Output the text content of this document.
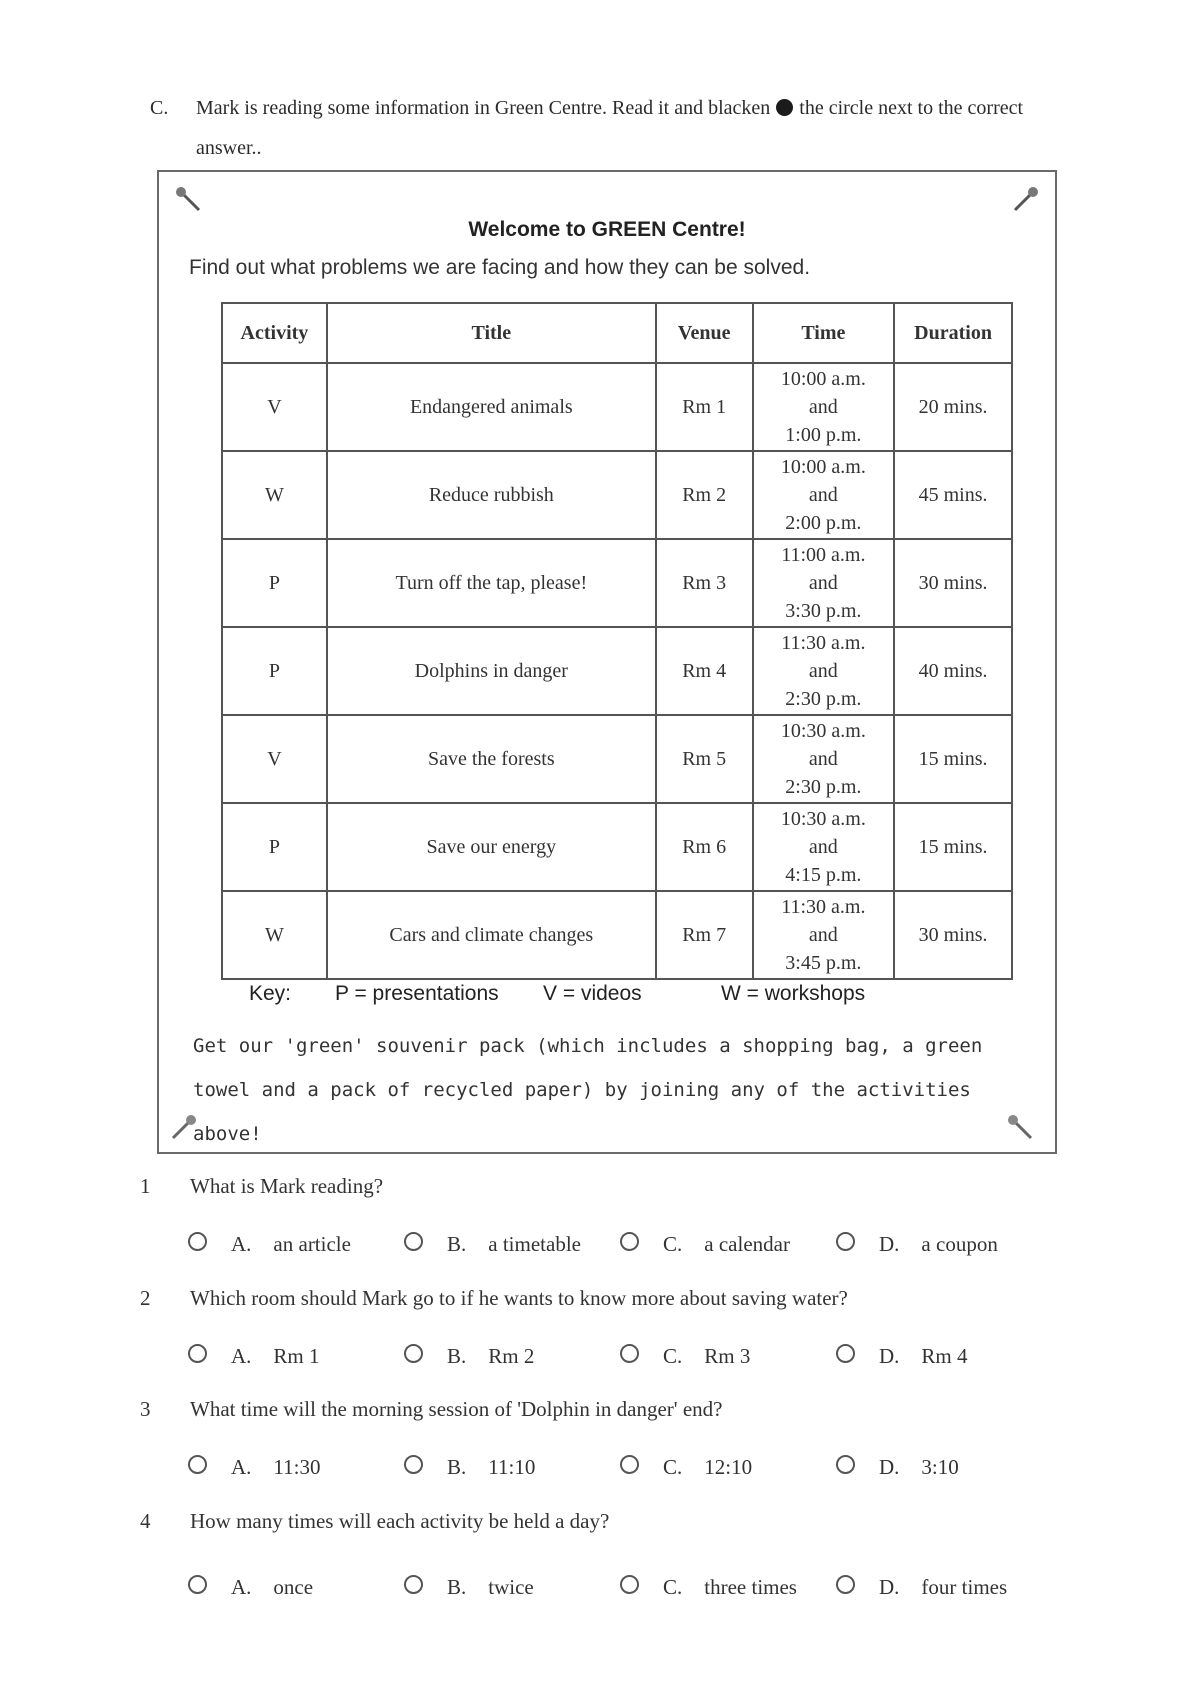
C. Mark is reading some information in Green Centre. Read it and blacken the circle next to the correct answer..
Welcome to GREEN Centre!
Find out what problems we are facing and how they can be solved.
Activity	Title	Venue	Time	Duration
V	Endangered animals	Rm 1	10:00 a.m.
and
1:00 p.m.	20 mins.
W	Reduce rubbish	Rm 2	10:00 a.m.
and
2:00 p.m.	45 mins.
P	Turn off the tap, please!	Rm 3	11:00 a.m.
and
3:30 p.m.	30 mins.
P	Dolphins in danger	Rm 4	11:30 a.m.
and
2:30 p.m.	40 mins.
V	Save the forests	Rm 5	10:30 a.m.
and
2:30 p.m.	15 mins.
P	Save our energy	Rm 6	10:30 a.m.
and
4:15 p.m.	15 mins.
W	Cars and climate changes	Rm 7	11:30 a.m.
and
3:45 p.m.	30 mins.
Key: P = presentations V = videos	W = workshops
Get our 'green' souvenir pack (which includes a shopping bag, a green towel and a pack of recycled paper) by joining any of the activities above!
1 What is Mark reading?
A. an article	B. a timetable	C. a calendar	D. a coupon
2 Which room should Mark go to if he wants to know more about saving water?
A. Rm 1	B. Rm 2	C. Rm 3	D. Rm 4
3 What time will the morning session of 'Dolphin in danger' end?
A. 11:30	B. 11:10	C. 12:10	D. 3:10
4 How many times will each activity be held a day?
A. once	B. twice	C. three times	D. four times
